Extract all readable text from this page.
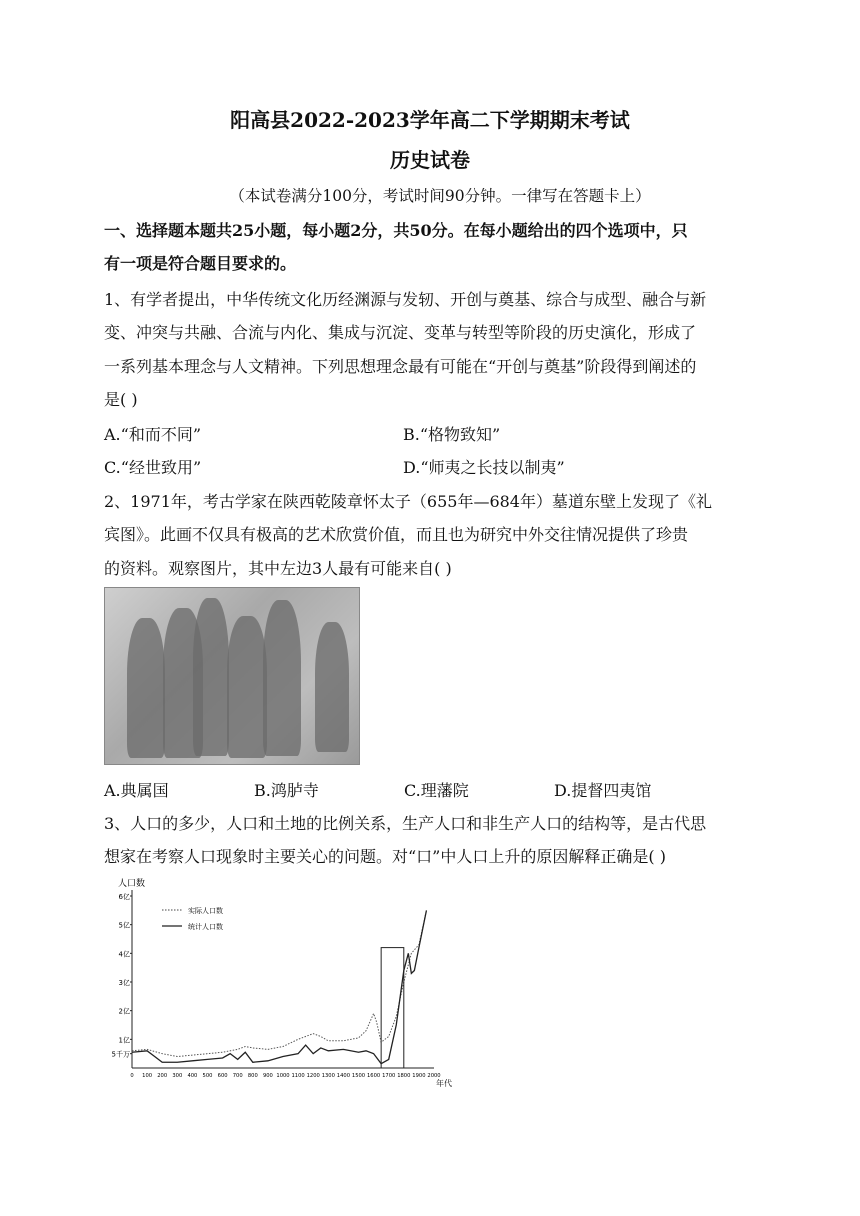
阳高县2022-2023学年高二下学期期末考试
历史试卷
（本试卷满分100分，考试时间90分钟。一律写在答题卡上）
一、选择题本题共25小题，每小题2分，共50分。在每小题给出的四个选项中，只
有一项是符合题目要求的。
1、有学者提出，中华传统文化历经渊源与发轫、开创与奠基、综合与成型、融合与新
变、冲突与共融、合流与内化、集成与沉淀、变革与转型等阶段的历史演化，形成了
一系列基本理念与人文精神。下列思想理念最有可能在“开创与奠基”阶段得到阐述的
是( )
A.“和而不同”	B.“格物致知”
C.“经世致用”	D.“师夷之长技以制夷”
2、1971年，考古学家在陕西乾陵章怀太子（655年—684年）墓道东壁上发现了《礼
宾图》。此画不仅具有极高的艺术欣赏价值，而且也为研究中外交往情况提供了珍贵
的资料。观察图片，其中左边3人最有可能来自( )
A.典属国	B.鸿胪寺	C.理藩院	D.提督四夷馆
3、人口的多少，人口和土地的比例关系，生产人口和非生产人口的结构等，是古代思
想家在考察人口现象时主要关心的问题。对“口”中人口上升的原因解释正确是( )
人口数
年代
5千万
1亿
2亿
3亿
4亿
5亿
6亿
0 100 200 300 400 500 600 700 800 900 1000 1100 1200 1300 1400 1500 1600 1700 1800 1900 2000
实际人口数
统计人口数
